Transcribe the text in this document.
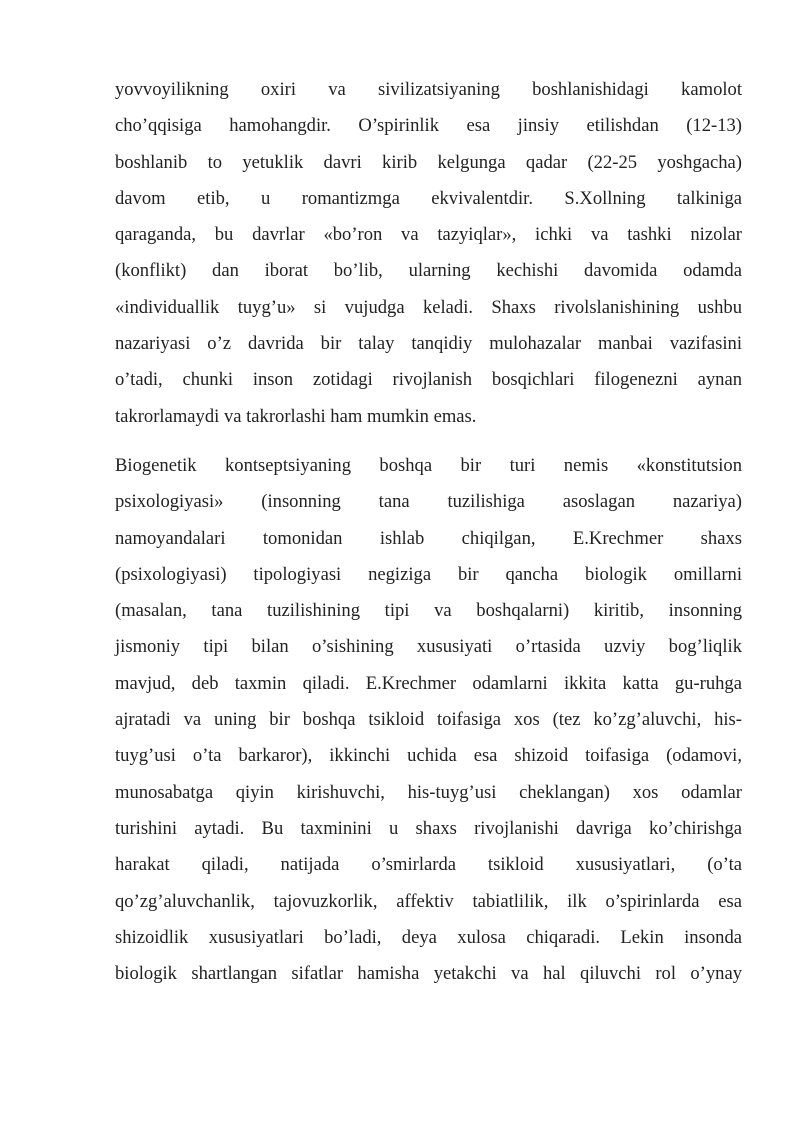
yovvoyilikning oxiri va sivilizatsiyaning boshlanishidagi kamolot
cho’qqisiga hamohangdir. O’spirinlik esa jinsiy etilishdan (12-13)
boshlanib to yetuklik davri kirib kelgunga qadar (22-25 yoshgacha)
davom etib, u romantizmga ekvivalentdir. S.Xollning talkiniga
qaraganda, bu davrlar «bo’ron va tazyiqlar», ichki va tashki nizolar
(konflikt) dan iborat bo’lib, ularning kechishi davomida odamda
«individuallik tuyg’u» si vujudga keladi. Shaxs rivolslanishining ushbu
nazariyasi o’z davrida bir talay tanqidiy mulohazalar manbai vazifasini
o’tadi, chunki inson zotidagi rivojlanish bosqichlari filogenezni aynan
takrorlamaydi va takrorlashi ham mumkin emas.
Biogenetik kontseptsiyaning boshqa bir turi nemis «konstitutsion
psixologiyasi» (insonning tana tuzilishiga asoslagan nazariya)
namoyandalari tomonidan ishlab chiqilgan, E.Krechmer shaxs
(psixologiyasi) tipologiyasi negiziga bir qancha biologik omillarni
(masalan, tana tuzilishining tipi va boshqalarni) kiritib, insonning
jismoniy tipi bilan o’sishining xususiyati o’rtasida uzviy bog’liqlik
mavjud, deb taxmin qiladi. E.Krechmer odamlarni ikkita katta gu-ruhga
ajratadi va uning bir boshqa tsikloid toifasiga xos (tez ko’zg’aluvchi, his-
tuyg’usi o’ta barkaror), ikkinchi uchida esa shizoid toifasiga (odamovi,
munosabatga qiyin kirishuvchi, his-tuyg’usi cheklangan) xos odamlar
turishini aytadi. Bu taxminini u shaxs rivojlanishi davriga ko’chirishga
harakat qiladi, natijada o’smirlarda tsikloid xususiyatlari, (o’ta
qo’zg’aluvchanlik, tajovuzkorlik, affektiv tabiatlilik, ilk o’spirinlarda esa
shizoidlik xususiyatlari bo’ladi, deya xulosa chiqaradi. Lekin insonda
biologik shartlangan sifatlar hamisha yetakchi va hal qiluvchi rol o’ynay
